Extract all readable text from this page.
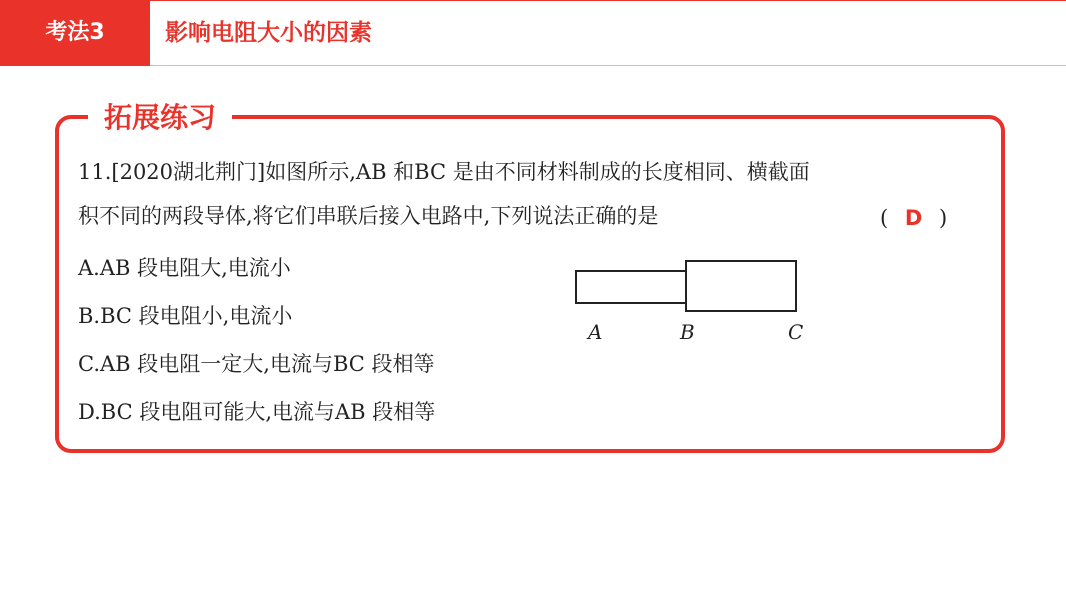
考法3	影响电阻大小的因素
拓展练习
11.[2020湖北荆门]如图所示,AB 和BC 是由不同材料制成的长度相同、横截面
积不同的两段导体,将它们串联后接入电路中,下列说法正确的是	( D )
A.AB 段电阻大,电流小
B.BC 段电阻小,电流小
C.AB 段电阻一定大,电流与BC 段相等
D.BC 段电阻可能大,电流与AB 段相等
A	B	C
